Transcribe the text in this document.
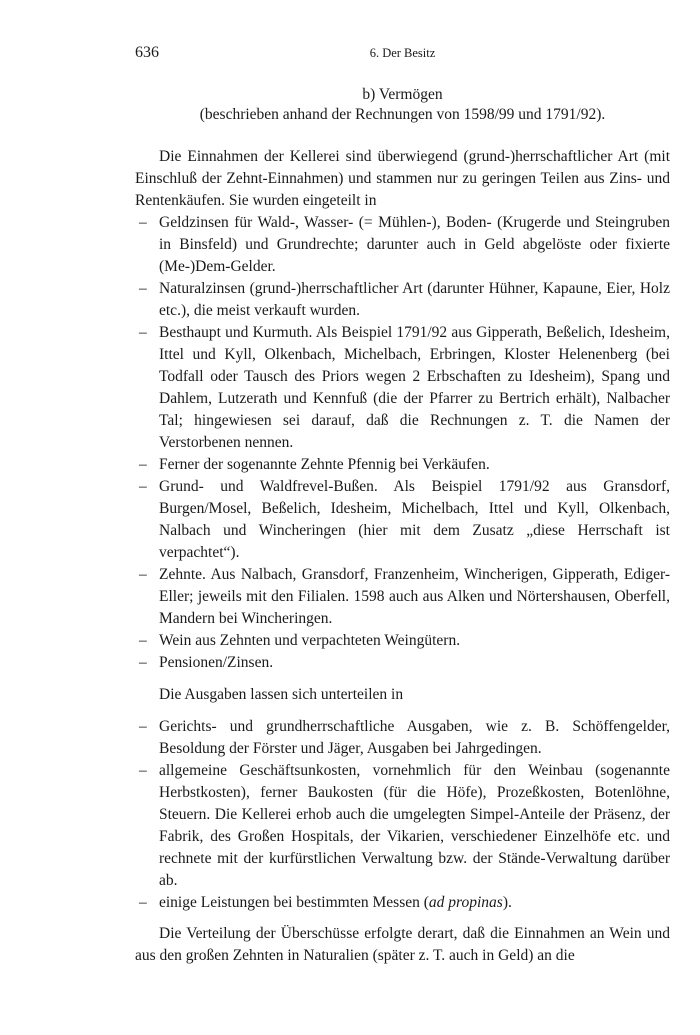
636	6. Der Besitz
b) Vermögen
(beschrieben anhand der Rechnungen von 1598/99 und 1791/92).

Die Einnahmen der Kellerei sind überwiegend (grund-)herrschaftlicher Art (mit Einschluß der Zehnt-Einnahmen) und stammen nur zu geringen Teilen aus Zins- und Rentenkäufen. Sie wurden eingeteilt in

– Geldzinsen für Wald-, Wasser- (= Mühlen-), Boden- (Krugerde und Steingruben in Binsfeld) und Grundrechte; darunter auch in Geld abgelöste oder fixierte (Me-)Dem-Gelder.
– Naturalzinsen (grund-)herrschaftlicher Art (darunter Hühner, Kapaune, Eier, Holz etc.), die meist verkauft wurden.
– Besthaupt und Kurmuth. Als Beispiel 1791/92 aus Gipperath, Beßelich, Idesheim, Ittel und Kyll, Olkenbach, Michelbach, Erbringen, Kloster Helenenberg (bei Todfall oder Tausch des Priors wegen 2 Erbschaften zu Idesheim), Spang und Dahlem, Lutzerath und Kennfuß (die der Pfarrer zu Bertrich erhält), Nalbacher Tal; hingewiesen sei darauf, daß die Rechnungen z. T. die Namen der Verstorbenen nennen.
– Ferner der sogenannte Zehnte Pfennig bei Verkäufen.
– Grund- und Waldfrevel-Bußen. Als Beispiel 1791/92 aus Gransdorf, Burgen/Mosel, Beßelich, Idesheim, Michelbach, Ittel und Kyll, Olkenbach, Nalbach und Wincheringen (hier mit dem Zusatz „diese Herrschaft ist verpachtet“).
– Zehnte. Aus Nalbach, Gransdorf, Franzenheim, Wincherigen, Gipperath, Ediger-Eller; jeweils mit den Filialen. 1598 auch aus Alken und Nörtershausen, Oberfell, Mandern bei Wincheringen.
– Wein aus Zehnten und verpachteten Weingütern.
– Pensionen/Zinsen.

Die Ausgaben lassen sich unterteilen in

– Gerichts- und grundherrschaftliche Ausgaben, wie z. B. Schöffengelder, Besoldung der Förster und Jäger, Ausgaben bei Jahrgedingen.
– allgemeine Geschäftsunkosten, vornehmlich für den Weinbau (sogenannte Herbstkosten), ferner Baukosten (für die Höfe), Prozeßkosten, Botenlöhne, Steuern. Die Kellerei erhob auch die umgelegten Simpel-Anteile der Präsenz, der Fabrik, des Großen Hospitals, der Vikarien, verschiedener Einzelhöfe etc. und rechnete mit der kurfürstlichen Verwaltung bzw. der Stände-Verwaltung darüber ab.
– einige Leistungen bei bestimmten Messen (ad propinas).

Die Verteilung der Überschüsse erfolgte derart, daß die Einnahmen an Wein und aus den großen Zehnten in Naturalien (später z. T. auch in Geld) an die
